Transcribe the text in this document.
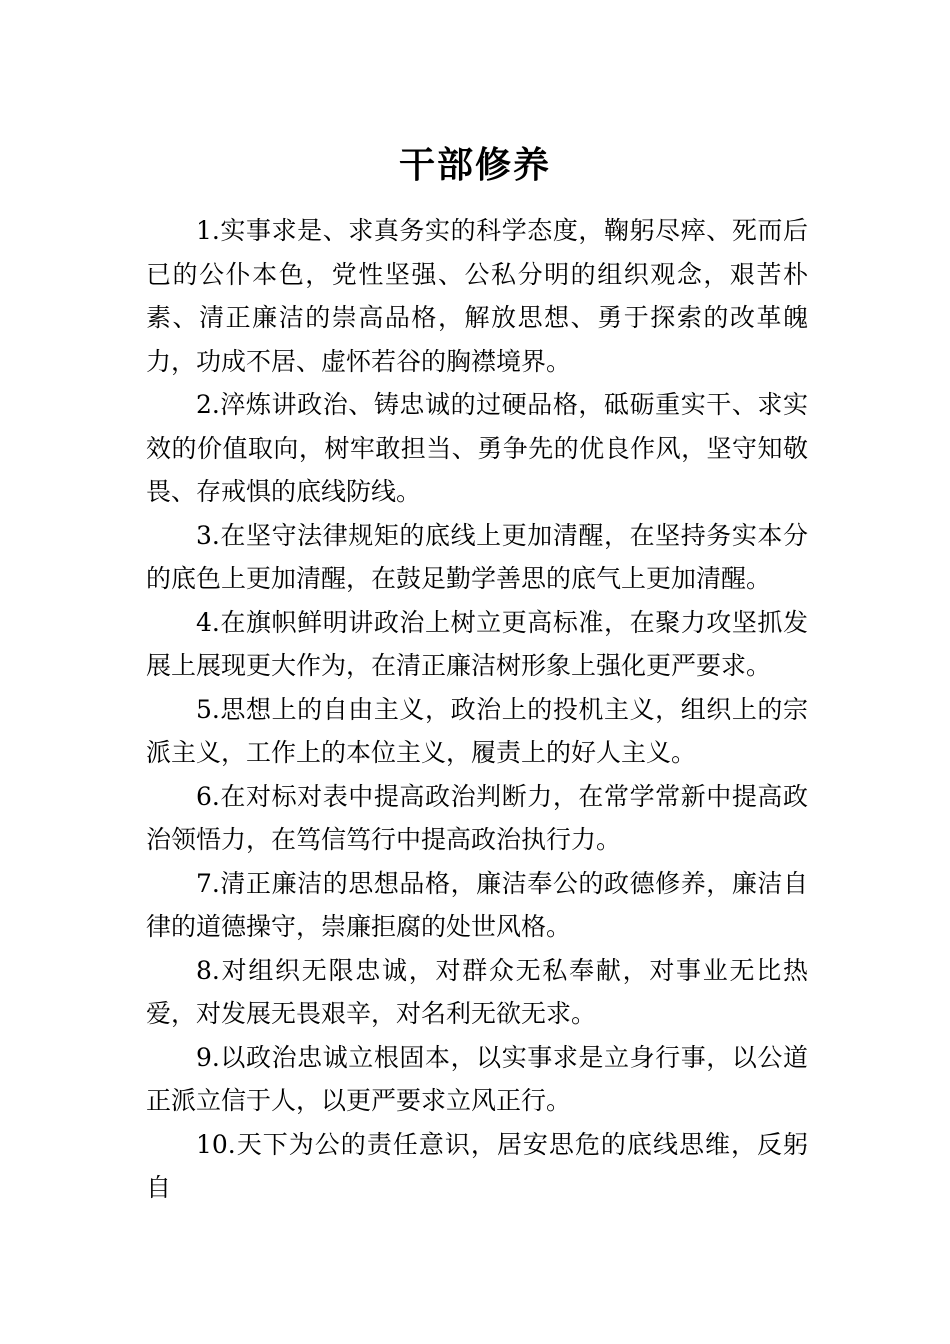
干部修养

1.实事求是、求真务实的科学态度，鞠躬尽瘁、死而后已的公仆本色，党性坚强、公私分明的组织观念，艰苦朴素、清正廉洁的崇高品格，解放思想、勇于探索的改革魄力，功成不居、虚怀若谷的胸襟境界。

2.淬炼讲政治、铸忠诚的过硬品格，砥砺重实干、求实效的价值取向，树牢敢担当、勇争先的优良作风，坚守知敬畏、存戒惧的底线防线。

3.在坚守法律规矩的底线上更加清醒，在坚持务实本分的底色上更加清醒，在鼓足勤学善思的底气上更加清醒。

4.在旗帜鲜明讲政治上树立更高标准，在聚力攻坚抓发展上展现更大作为，在清正廉洁树形象上强化更严要求。

5.思想上的自由主义，政治上的投机主义，组织上的宗派主义，工作上的本位主义，履责上的好人主义。

6.在对标对表中提高政治判断力，在常学常新中提高政治领悟力，在笃信笃行中提高政治执行力。

7.清正廉洁的思想品格，廉洁奉公的政德修养，廉洁自律的道德操守，崇廉拒腐的处世风格。

8.对组织无限忠诚，对群众无私奉献，对事业无比热爱，对发展无畏艰辛，对名利无欲无求。

9.以政治忠诚立根固本，以实事求是立身行事，以公道正派立信于人，以更严要求立风正行。

10.天下为公的责任意识，居安思危的底线思维，反躬自
